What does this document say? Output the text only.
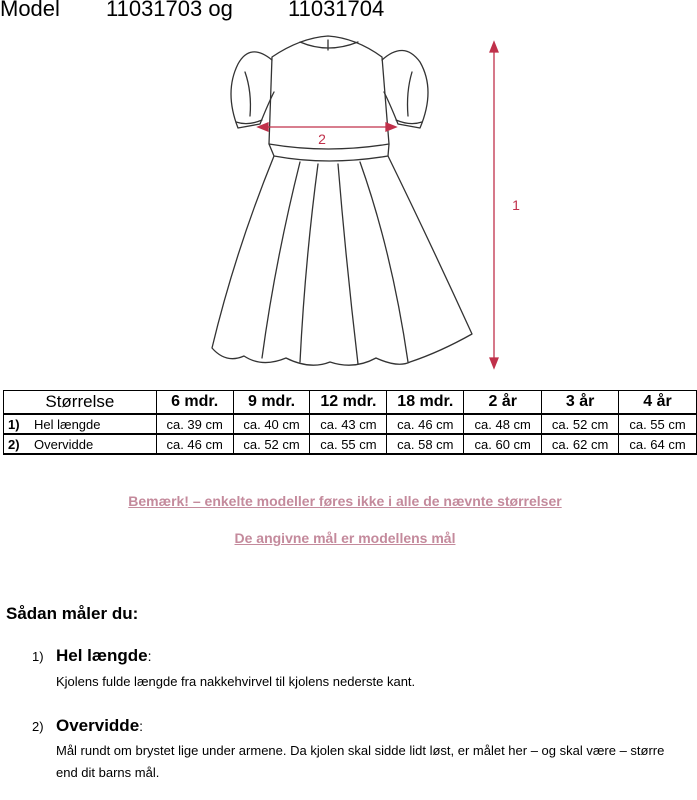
Model 11031703 og	11031704
2
1
Størrelse	6 mdr.	9 mdr.	12 mdr.	18 mdr.	2 år	3 år	4 år
1) Hel længde	ca. 39 cm	ca. 40 cm	ca. 43 cm	ca. 46 cm	ca. 48 cm	ca. 52 cm	ca. 55 cm
2) Overvidde	ca. 46 cm	ca. 52 cm	ca. 55 cm	ca. 58 cm	ca. 60 cm	ca. 62 cm	ca. 64 cm
Bemærk! – enkelte modeller føres ikke i alle de nævnte størrelser
De angivne mål er modellens mål
Sådan måler du:
1) Hel længde:
Kjolens fulde længde fra nakkehvirvel til kjolens nederste kant.
2) Overvidde:
Mål rundt om brystet lige under armene. Da kjolen skal sidde lidt løst, er målet her – og skal være – større end dit barns mål.
